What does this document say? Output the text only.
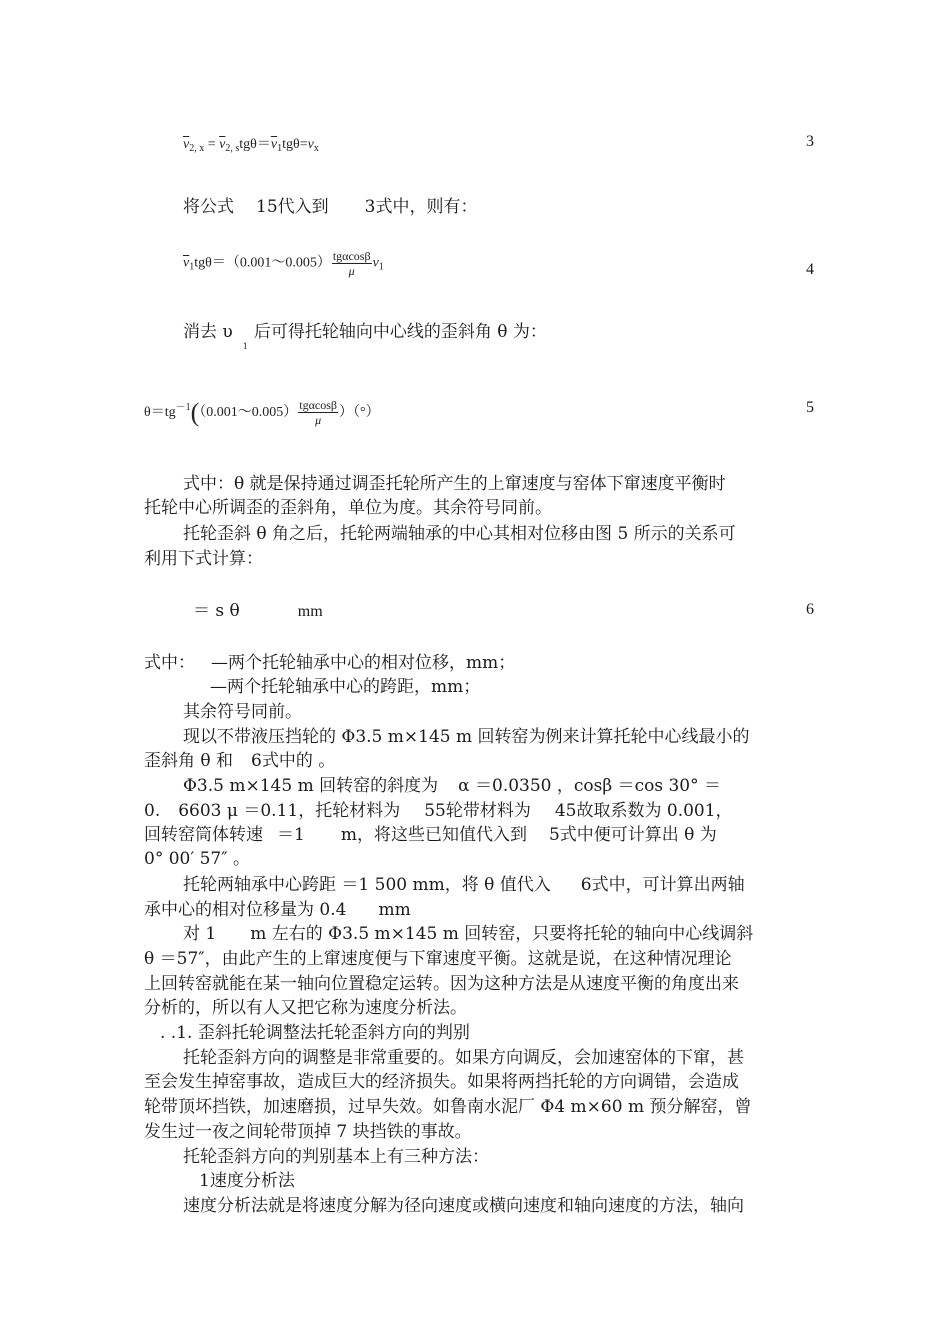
$\overline{v}_{2, x} = \overline{v}_{2, s}tg\theta=\overline{v}_1tg\theta=v_x$	3
将公式 15代入到 3式中，则有：
$\overline{v}_1tg\theta=(0.001\sim 0.005) \frac{\text{tgαcosβ}}{\mu} v_1$	4
消去 $\upsilon_1$后可得托轮轴向中心线的歪斜角 θ 为：
$\theta=tg^{-1}((0.001\sim 0.005) \frac{\text{tgαcosβ}}{\mu}$ ）（°）	5
式中：θ 就是保持通过调歪托轮所产生的上窜速度与窑体下窜速度平衡时
托轮中心所调歪的歪斜角，单位为度。其余符号同前。
托轮歪斜 θ 角之后，托轮两端轴承的中心其相对位移由图 5 所示的关系可
利用下式计算：
＝ s θ	mm	6
式中： —两个托轮轴承中心的相对位移，mm；
—两个托轮轴承中心的跨距，mm；
其余符号同前。
现以不带液压挡轮的 Φ3.5 m×145 m 回转窑为例来计算托轮中心线最小的
歪斜角 θ 和 6式中的 。
Φ3.5 m×145 m 回转窑的斜度为 α ＝0.0350 ，cosβ ＝cos 30° ＝
0. 6603 μ ＝0.11，托轮材料为 55轮带材料为 45故取系数为 0.001，
回转窑筒体转速 ＝1 m，将这些已知值代入到 5式中便可计算出 θ 为
0° 00′ 57″ 。
托轮两轴承中心跨距 ＝1 500 mm，将 θ 值代入 6式中，可计算出两轴
承中心的相对位移量为 0.4 mm
对 1 m 左右的 Φ3.5 m×145 m 回转窑，只要将托轮的轴向中心线调斜
θ ＝57″，由此产生的上窜速度便与下窜速度平衡。这就是说，在这种情况理论
上回转窑就能在某一轴向位置稳定运转。因为这种方法是从速度平衡的角度出来
分析的，所以有人又把它称为速度分析法。
. .1. 歪斜托轮调整法托轮歪斜方向的判别
托轮歪斜方向的调整是非常重要的。如果方向调反，会加速窑体的下窜，甚
至会发生掉窑事故，造成巨大的经济损失。如果将两挡托轮的方向调错，会造成
轮带顶坏挡铁，加速磨损，过早失效。如鲁南水泥厂 Φ4 m×60 m 预分解窑，曾
发生过一夜之间轮带顶掉 7 块挡铁的事故。
托轮歪斜方向的判别基本上有三种方法：
1速度分析法
速度分析法就是将速度分解为径向速度或横向速度和轴向速度的方法，轴向
